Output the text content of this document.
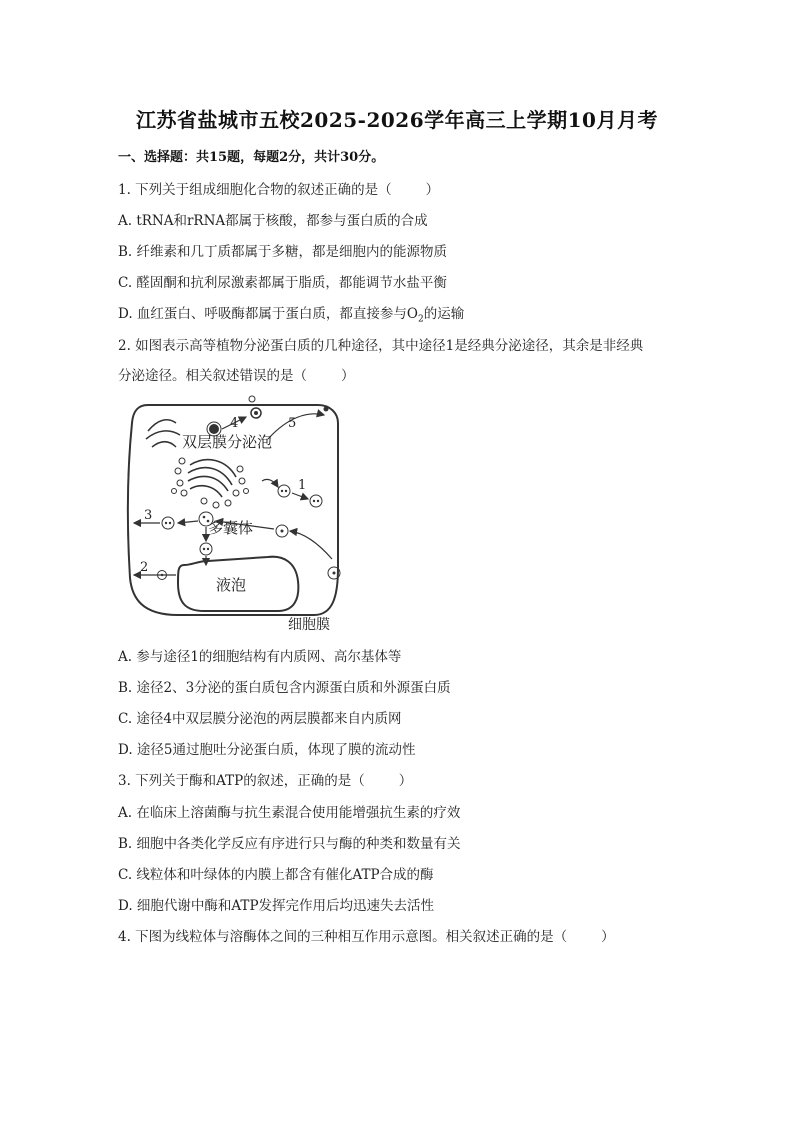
江苏省盐城市五校2025-2026学年高三上学期10月月考
一、选择题：共15题，每题2分，共计30分。
1. 下列关于组成细胞化合物的叙述正确的是（	）
A. tRNA和rRNA都属于核酸，都参与蛋白质的合成
B. 纤维素和几丁质都属于多糖，都是细胞内的能源物质
C. 醛固酮和抗利尿激素都属于脂质，都能调节水盐平衡
D. 血红蛋白、呼吸酶都属于蛋白质，都直接参与$O_2$的运输
2. 如图表示高等植物分泌蛋白质的几种途径，其中途径1是经典分泌途径，其余是非经典
分泌途径。相关叙述错误的是（	）
4	5
双层膜分泌泡
1
多囊体
3
液泡
2
细胞膜
A. 参与途径1的细胞结构有内质网、高尔基体等
B. 途径2、3分泌的蛋白质包含内源蛋白质和外源蛋白质
C. 途径4中双层膜分泌泡的两层膜都来自内质网
D. 途径5通过胞吐分泌蛋白质，体现了膜的流动性
3. 下列关于酶和ATP的叙述，正确的是（	）
A. 在临床上溶菌酶与抗生素混合使用能增强抗生素的疗效
B. 细胞中各类化学反应有序进行只与酶的种类和数量有关
C. 线粒体和叶绿体的内膜上都含有催化ATP合成的酶
D. 细胞代谢中酶和ATP发挥完作用后均迅速失去活性
4. 下图为线粒体与溶酶体之间的三种相互作用示意图。相关叙述正确的是（	）
